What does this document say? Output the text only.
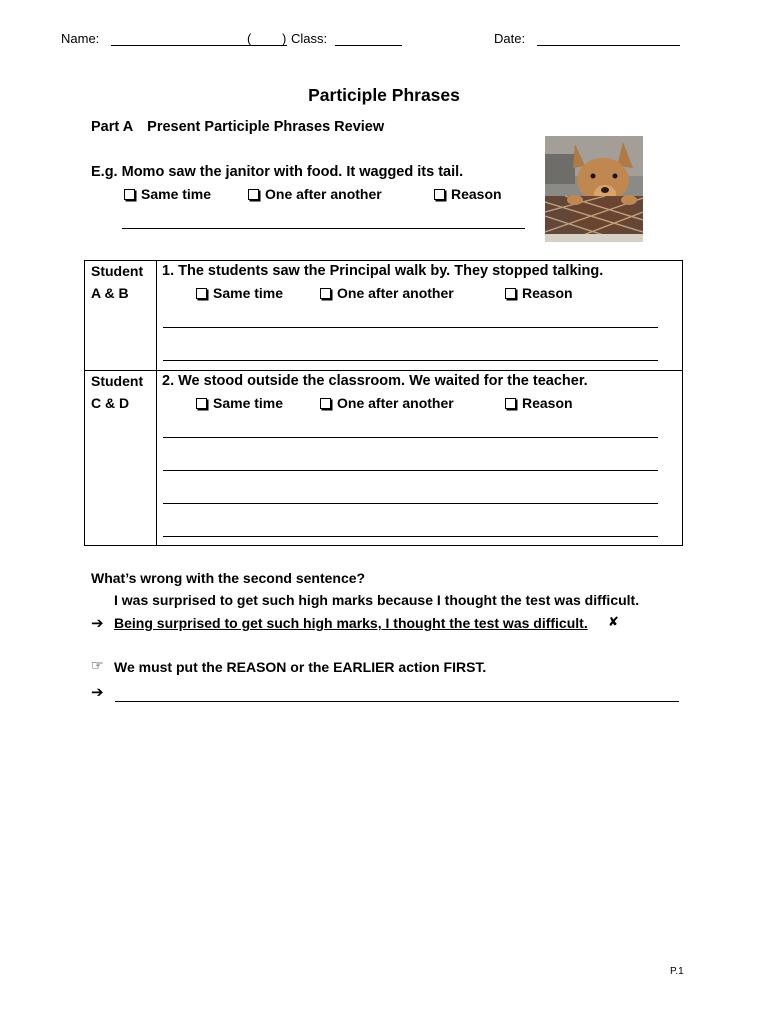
Name:	( ) Class:	Date:
Participle Phrases
Part A Present Participle Phrases Review
E.g. Momo saw the janitor with food. It wagged its tail.
Same time	One after another	Reason
Student
A & B
1. The students saw the Principal walk by. They stopped talking.
Same time	One after another	Reason
Student
C & D
2. We stood outside the classroom. We waited for the teacher.
Same time	One after another	Reason
What’s wrong with the second sentence?
I was surprised to get such high marks because I thought the test was difficult.
➔ Being surprised to get such high marks, I thought the test was difficult. ✘
☞ We must put the REASON or the EARLIER action FIRST.
➔
P.1
